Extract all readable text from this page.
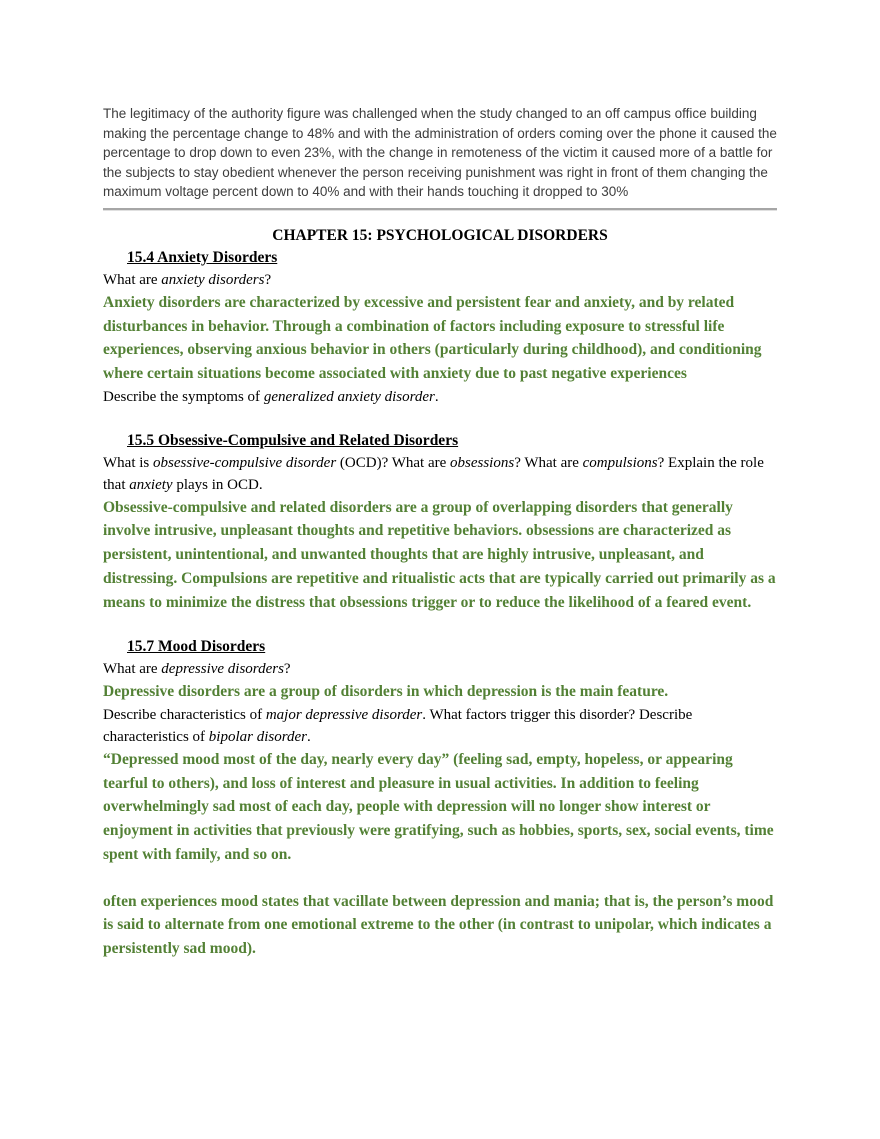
The legitimacy of the authority figure was challenged when the study changed to an off campus office building making the percentage change to 48% and with the administration of orders coming over the phone it caused the percentage to drop down to even 23%, with the change in remoteness of the victim it caused more of a battle for the subjects to stay obedient whenever the person receiving punishment was right in front of them changing the maximum voltage percent down to 40% and with their hands touching it dropped to 30%

CHAPTER 15: PSYCHOLOGICAL DISORDERS
15.4 Anxiety Disorders

What are anxiety disorders?

Anxiety disorders are characterized by excessive and persistent fear and anxiety, and by related disturbances in behavior. Through a combination of factors including exposure to stressful life experiences, observing anxious behavior in others (particularly during childhood), and conditioning where certain situations become associated with anxiety due to past negative experiences

Describe the symptoms of generalized anxiety disorder.

15.5 Obsessive-Compulsive and Related Disorders

What is obsessive-compulsive disorder (OCD)? What are obsessions? What are compulsions? Explain the role that anxiety plays in OCD.

Obsessive-compulsive and related disorders are a group of overlapping disorders that generally involve intrusive, unpleasant thoughts and repetitive behaviors. obsessions are characterized as persistent, unintentional, and unwanted thoughts that are highly intrusive, unpleasant, and distressing. Compulsions are repetitive and ritualistic acts that are typically carried out primarily as a means to minimize the distress that obsessions trigger or to reduce the likelihood of a feared event.

15.7 Mood Disorders

What are depressive disorders?

Depressive disorders are a group of disorders in which depression is the main feature.

Describe characteristics of major depressive disorder. What factors trigger this disorder? Describe characteristics of bipolar disorder.

“Depressed mood most of the day, nearly every day” (feeling sad, empty, hopeless, or appearing tearful to others), and loss of interest and pleasure in usual activities. In addition to feeling overwhelmingly sad most of each day, people with depression will no longer show interest or enjoyment in activities that previously were gratifying, such as hobbies, sports, sex, social events, time spent with family, and so on.

often experiences mood states that vacillate between depression and mania; that is, the person’s mood is said to alternate from one emotional extreme to the other (in contrast to unipolar, which indicates a persistently sad mood).
